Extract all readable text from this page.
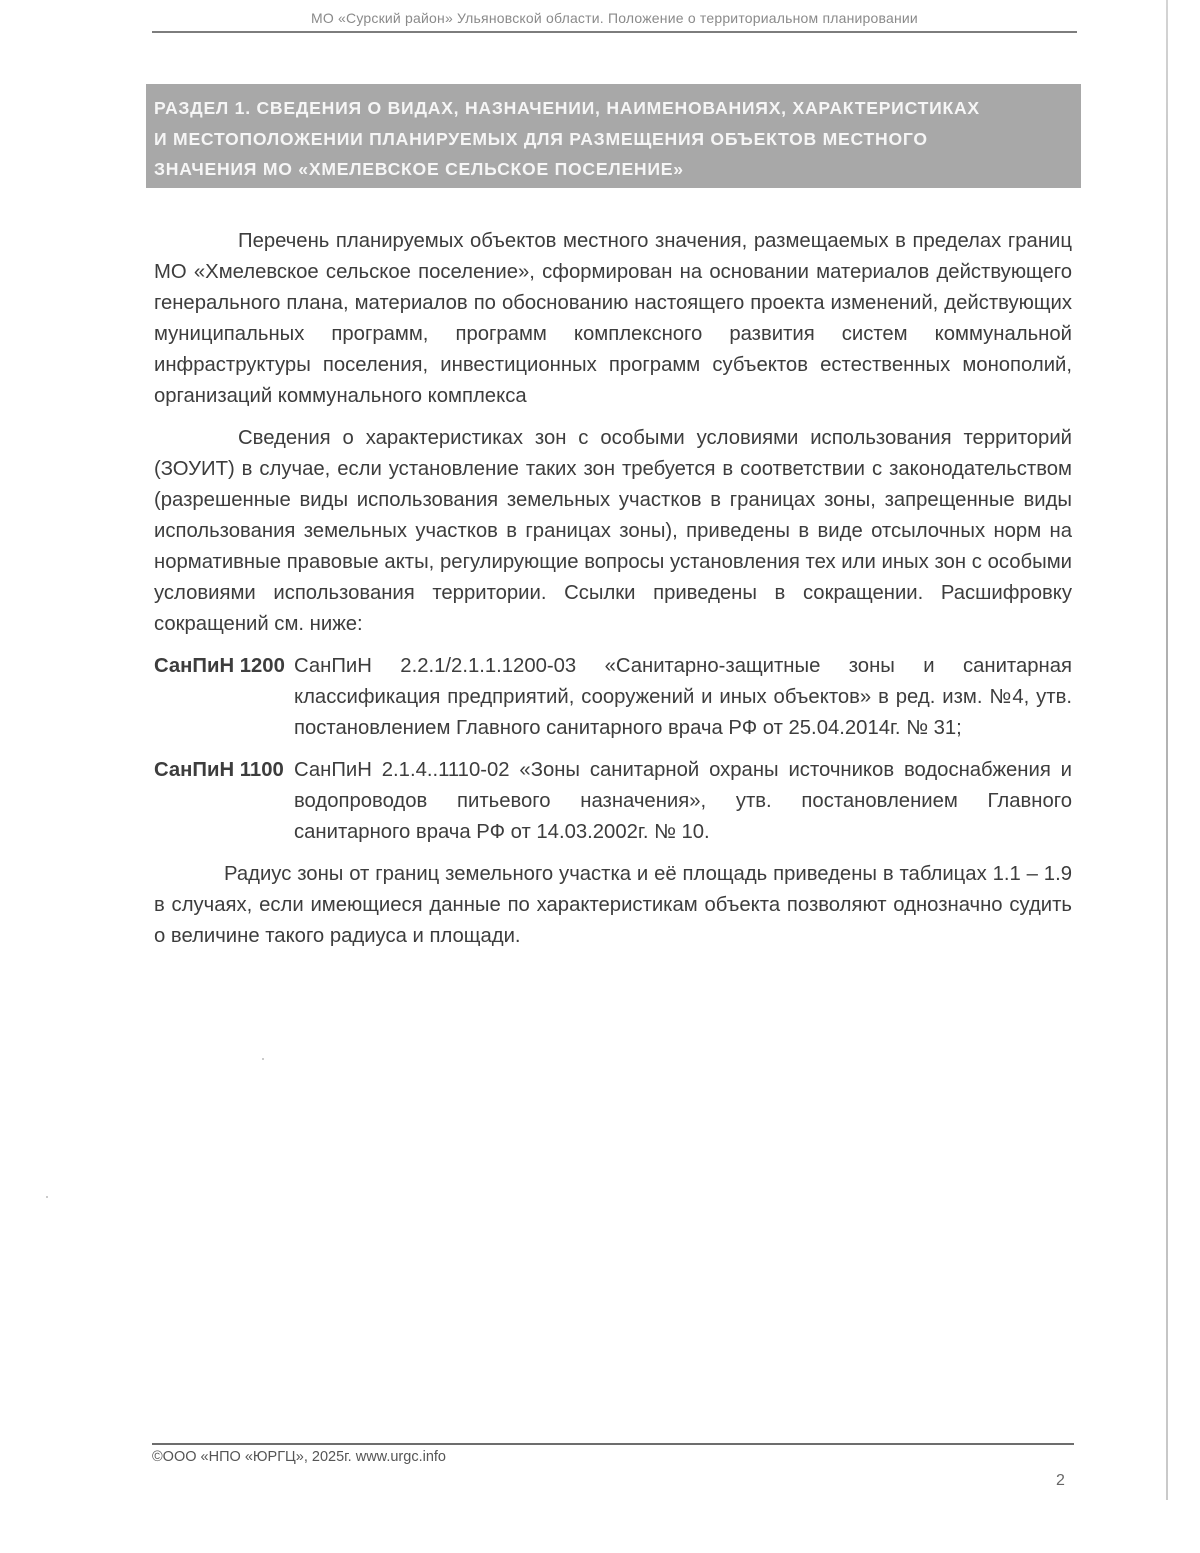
МО «Сурский район» Ульяновской области. Положение о территориальном планировании
РАЗДЕЛ 1. СВЕДЕНИЯ О ВИДАХ, НАЗНАЧЕНИИ, НАИМЕНОВАНИЯХ, ХАРАКТЕРИСТИКАХ
И МЕСТОПОЛОЖЕНИИ ПЛАНИРУЕМЫХ ДЛЯ РАЗМЕЩЕНИЯ ОБЪЕКТОВ МЕСТНОГО
ЗНАЧЕНИЯ МО «ХМЕЛЕВСКОЕ СЕЛЬСКОЕ ПОСЕЛЕНИЕ»

Перечень планируемых объектов местного значения, размещаемых в пределах границ МО «Хмелевское сельское поселение», сформирован на основании материалов действующего генерального плана, материалов по обоснованию настоящего проекта изменений, действующих муниципальных программ, программ комплексного развития систем коммунальной инфраструктуры поселения, инвестиционных программ субъектов естественных монополий, организаций коммунального комплекса

Сведения о характеристиках зон с особыми условиями использования территорий (ЗОУИТ) в случае, если установление таких зон требуется в соответствии с законодательством (разрешенные виды использования земельных участков в границах зоны, запрещенные виды использования земельных участков в границах зоны), приведены в виде отсылочных норм на нормативные правовые акты, регулирующие вопросы установления тех или иных зон с особыми условиями использования территории. Ссылки приведены в сокращении. Расшифровку сокращений см. ниже:

СанПиН 1200 СанПиН 2.2.1/2.1.1.1200-03 «Санитарно-защитные зоны и санитарная классификация предприятий, сооружений и иных объектов» в ред. изм. №4, утв. постановлением Главного санитарного врача РФ от 25.04.2014г. № 31;
СанПиН 1100 СанПиН 2.1.4..1110-02 «Зоны санитарной охраны источников водоснабжения и водопроводов питьевого назначения», утв. постановлением Главного санитарного врача РФ от 14.03.2002г. № 10.

Радиус зоны от границ земельного участка и её площадь приведены в таблицах 1.1 – 1.9 в случаях, если имеющиеся данные по характеристикам объекта позволяют однозначно судить о величине такого радиуса и площади.

©ООО «НПО «ЮРГЦ», 2025г. www.urgc.info
2
